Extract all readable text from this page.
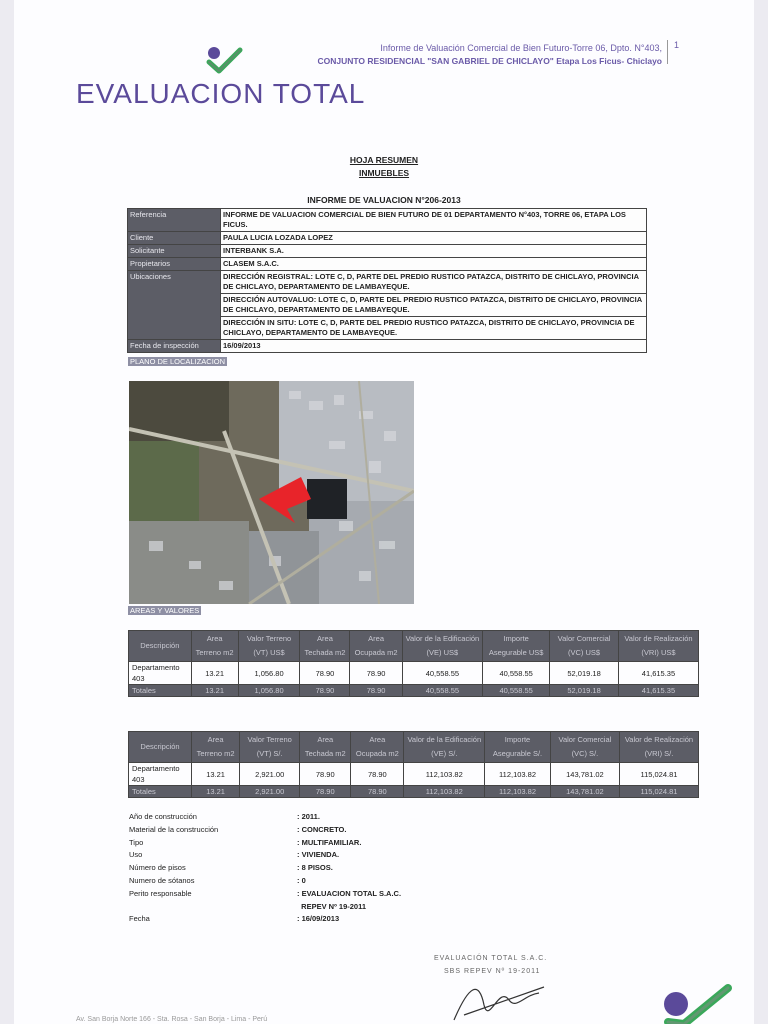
Informe de Valuación Comercial de Bien Futuro-Torre 06, Dpto. N°403,
CONJUNTO RESIDENCIAL "SAN GABRIEL DE CHICLAYO" Etapa Los Ficus- Chiclayo
1
EVALUACION TOTAL
HOJA RESUMEN
INMUEBLES
INFORME DE VALUACION N°206-2013
Referencia	INFORME DE VALUACION COMERCIAL DE BIEN FUTURO DE 01 DEPARTAMENTO N°403, TORRE 06, ETAPA LOS FICUS.
Cliente	PAULA LUCIA LOZADA LOPEZ
Solicitante	INTERBANK S.A.
Propietarios	CLASEM S.A.C.
Ubicaciones	DIRECCIÓN REGISTRAL: LOTE C, D, PARTE DEL PREDIO RUSTICO PATAZCA, DISTRITO DE CHICLAYO, PROVINCIA DE CHICLAYO, DEPARTAMENTO DE LAMBAYEQUE.
	DIRECCIÓN AUTOVALUO: LOTE C, D, PARTE DEL PREDIO RUSTICO PATAZCA, DISTRITO DE CHICLAYO, PROVINCIA DE CHICLAYO, DEPARTAMENTO DE LAMBAYEQUE.
	DIRECCIÓN IN SITU: LOTE C, D, PARTE DEL PREDIO RUSTICO PATAZCA, DISTRITO DE CHICLAYO, PROVINCIA DE CHICLAYO, DEPARTAMENTO DE LAMBAYEQUE.
Fecha de inspección	16/09/2013
PLANO DE LOCALIZACION
AREAS Y VALORES
Descripción	Area Terreno m2	Valor Terreno (VT) US$	Area Techada m2	Area Ocupada m2	Valor de la Edificación (VE) US$	Importe Asegurable US$	Valor Comercial (VC) US$	Valor de Realización (VRI) US$
Departamento 403	13.21	1,056.80	78.90	78.90	40,558.55	40,558.55	52,019.18	41,615.35
Totales	13.21	1,056.80	78.90	78.90	40,558.55	40,558.55	52,019.18	41,615.35
Descripción	Area Terreno m2	Valor Terreno (VT) S/.	Area Techada m2	Area Ocupada m2	Valor de la Edificación (VE) S/.	Importe Asegurable S/.	Valor Comercial (VC) S/.	Valor de Realización (VRI) S/.
Departamento 403	13.21	2,921.00	78.90	78.90	112,103.82	112,103.82	143,781.02	115,024.81
Totales	13.21	2,921.00	78.90	78.90	112,103.82	112,103.82	143,781.02	115,024.81
Año de construcción	: 2011.
Material de la construcción	: CONCRETO.
Tipo	: MULTIFAMILIAR.
Uso	: VIVIENDA.
Número de pisos	: 8 PISOS.
Numero de sótanos	: 0
Perito responsable	: EVALUACION TOTAL S.A.C.
REPEV Nº 19-2011
Fecha	: 16/09/2013
EVALUACIÓN TOTAL S.A.C.
SBS REPEV Nº 19-2011
Av. San Borja Norte 166 - Sta. Rosa - San Borja - Lima - Perú
